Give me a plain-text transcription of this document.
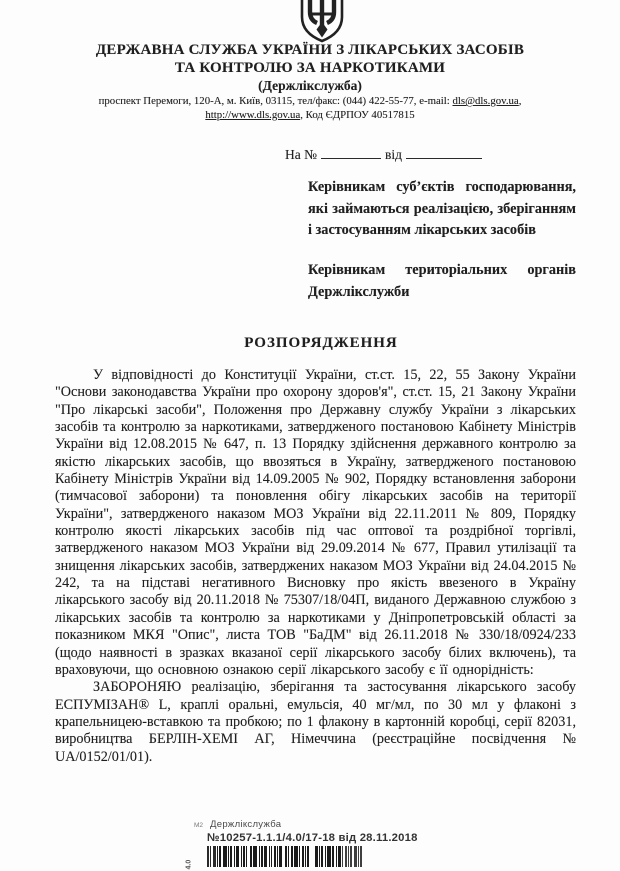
ДЕРЖАВНА СЛУЖБА УКРАЇНИ З ЛІКАРСЬКИХ ЗАСОБІВ
ТА КОНТРОЛЮ ЗА НАРКОТИКАМИ
(Держлікслужба)
проспект Перемоги, 120-А, м. Київ, 03115, тел/факс: (044) 422-55-77, e-mail: dls@dls.gov.ua,
http://www.dls.gov.ua, Код ЄДРПОУ 40517815
На №	від
Керівникам суб’єктів господарювання, які займаються реалізацією, зберіганням і застосуванням лікарських засобів
Керівникам територіальних органів Держлікслужби
РОЗПОРЯДЖЕННЯ

У відповідності до Конституції України, ст.ст. 15, 22, 55 Закону України "Основи законодавства України про охорону здоров'я", ст.ст. 15, 21 Закону України "Про лікарські засоби", Положення про Державну службу України з лікарських засобів та контролю за наркотиками, затвердженого постановою Кабінету Міністрів України від 12.08.2015 № 647, п. 13 Порядку здійснення державного контролю за якістю лікарських засобів, що ввозяться в Україну, затвердженого постановою Кабінету Міністрів України від 14.09.2005 № 902, Порядку встановлення заборони (тимчасової заборони) та поновлення обігу лікарських засобів на території України", затвердженого наказом МОЗ України від 22.11.2011 № 809, Порядку контролю якості лікарських засобів під час оптової та роздрібної торгівлі, затвердженого наказом МОЗ України від 29.09.2014 № 677, Правил утилізації та знищення лікарських засобів, затверджених наказом МОЗ України від 24.04.2015 № 242, та на підставі негативного Висновку про якість ввезеного в Україну лікарського засобу від 20.11.2018 № 75307/18/04П, виданого Державною службою з лікарських засобів та контролю за наркотиками у Дніпропетровській області за показником МКЯ "Опис", листа ТОВ "БаДМ" від 26.11.2018 № 330/18/0924/233 (щодо наявності в зразках вказаної серії лікарського засобу білих включень), та враховуючи, що основною ознакою серії лікарського засобу є її однорідність:

ЗАБОРОНЯЮ реалізацію, зберігання та застосування лікарського засобу ЕСПУМІЗАН® L, краплі оральні, емульсія, 40 мг/мл, по 30 мл у флаконі з крапельницею-вставкою та пробкою; по 1 флакону в картонній коробці, серії 82031, виробництва БЕРЛІН-ХЕМІ АГ, Німеччина (реєстраційне посвідчення № UA/0152/01/01).

М2 Держлікслужба
№10257-1.1.1/4.0/17-18 від 28.11.2018
4.0
